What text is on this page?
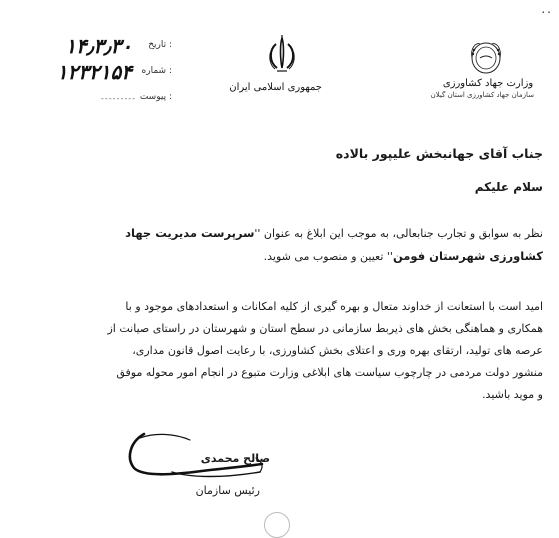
..
۱۴٫۳٫۳۰ : تاریخ
۱۲۳۲۱۵۴ : شماره
--------- : پیوست
جمهوری اسلامی ایران	وزارت جهاد کشاورزی
سازمان جهاد کشاورزی استان گیلان
جناب آقای جهانبخش علیپور بالاده
سلام علیکم
نظر به سوابق و تجارب جنابعالی، به موجب این ابلاغ به عنوان ''سرپرست مدیریت جهاد
کشاورزی شهرستان فومن'' تعیین و منصوب می شوید.
امید است با استعانت از خداوند متعال و بهره گیری از کلیه امکانات و استعدادهای موجود و با
همکاری و هماهنگی بخش های ذیربط سازمانی در سطح استان و شهرستان در راستای صیانت از
عرصه های تولید، ارتقای بهره وری و اعتلای بخش کشاورزی، با رعایت اصول قانون مداری،
منشور دولت مردمی در چارچوب سیاست های ابلاغی وزارت متبوع در انجام امور محوله موفق
و موید باشید.
صالح محمدی
رئیس سازمان
